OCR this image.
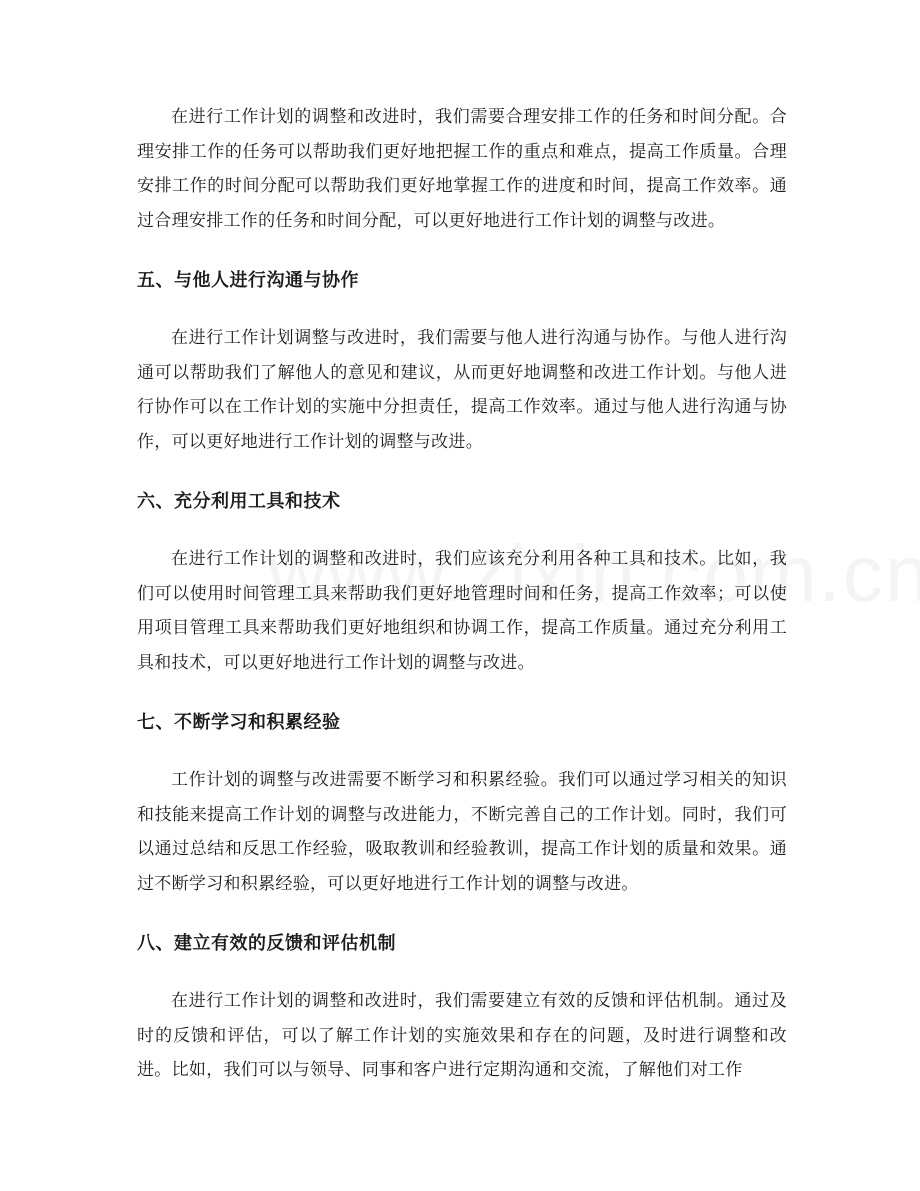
在进行工作计划的调整和改进时，我们需要合理安排工作的任务和时间分配。合理安排工作的任务可以帮助我们更好地把握工作的重点和难点，提高工作质量。合理安排工作的时间分配可以帮助我们更好地掌握工作的进度和时间，提高工作效率。通过合理安排工作的任务和时间分配，可以更好地进行工作计划的调整与改进。

五、与他人进行沟通与协作

在进行工作计划调整与改进时，我们需要与他人进行沟通与协作。与他人进行沟通可以帮助我们了解他人的意见和建议，从而更好地调整和改进工作计划。与他人进行协作可以在工作计划的实施中分担责任，提高工作效率。通过与他人进行沟通与协作，可以更好地进行工作计划的调整与改进。

六、充分利用工具和技术

在进行工作计划的调整和改进时，我们应该充分利用各种工具和技术。比如，我们可以使用时间管理工具来帮助我们更好地管理时间和任务，提高工作效率；可以使用项目管理工具来帮助我们更好地组织和协调工作，提高工作质量。通过充分利用工具和技术，可以更好地进行工作计划的调整与改进。

七、不断学习和积累经验

工作计划的调整与改进需要不断学习和积累经验。我们可以通过学习相关的知识和技能来提高工作计划的调整与改进能力，不断完善自己的工作计划。同时，我们可以通过总结和反思工作经验，吸取教训和经验教训，提高工作计划的质量和效果。通过不断学习和积累经验，可以更好地进行工作计划的调整与改进。

八、建立有效的反馈和评估机制

在进行工作计划的调整和改进时，我们需要建立有效的反馈和评估机制。通过及时的反馈和评估，可以了解工作计划的实施效果和存在的问题，及时进行调整和改进。比如，我们可以与领导、同事和客户进行定期沟通和交流，了解他们对工作
